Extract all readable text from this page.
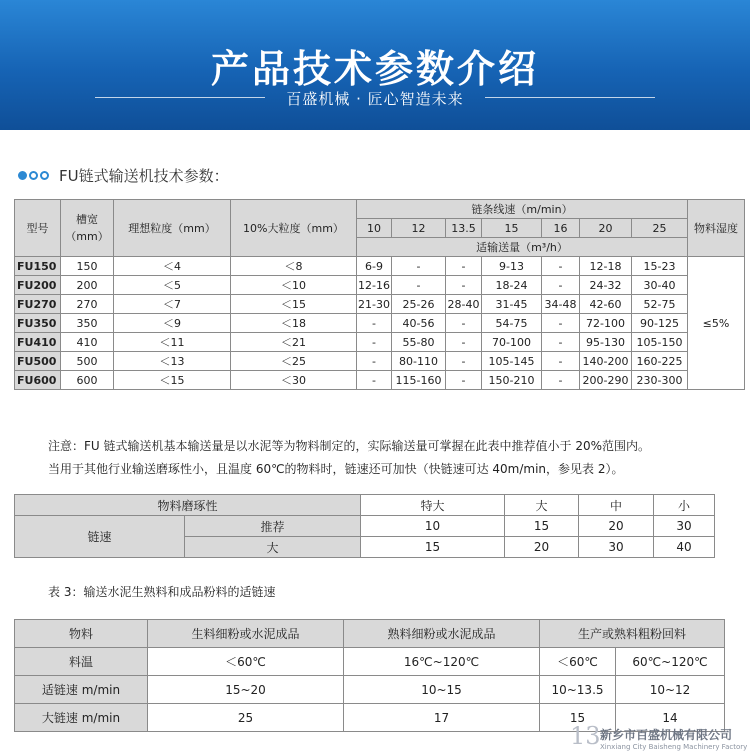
产品技术参数介绍
百盛机械 · 匠心智造未来
FU链式输送机技术参数：
型号	槽宽（mm）	理想粒度（mm）	10%大粒度（mm）	链条线速（m/min）							物料湿度
				10	12	13.5	15	16	20	25	
				适输送量（m³/h）							
FU150	150	＜4	＜8	6-9	-	-	9-13	-	12-18	15-23	≤5%
FU200	200	＜5	＜10	12-16	-	-	18-24	-	24-32	30-40	
FU270	270	＜7	＜15	21-30	25-26	28-40	31-45	34-48	42-60	52-75	
FU350	350	＜9	＜18	-	40-56	-	54-75	-	72-100	90-125	
FU410	410	＜11	＜21	-	55-80	-	70-100	-	95-130	105-150	
FU500	500	＜13	＜25	-	80-110	-	105-145	-	140-200	160-225	
FU600	600	＜15	＜30	-	115-160	-	150-210	-	200-290	230-300	
注意：FU 链式输送机基本输送量是以水泥等为物料制定的，实际输送量可掌握在此表中推荐值小于 20%范围内。
当用于其他行业输送磨琢性小，且温度 60℃的物料时，链速还可加快（快链速可达 40m/min，参见表 2）。
物料磨琢性		特大	大	中	小
链速	推荐	10	15	20	30
	大	15	20	30	40
表 3：输送水泥生熟料和成品粉料的适链速
物料	生料细粉或水泥成品	熟料细粉或水泥成品	生产或熟料粗粉回料	
料温	＜60℃	16℃~120℃	＜60℃	60℃~120℃
适链速 m/min	15~20	10~15	10~13.5	10~12
大链速 m/min	25	17	15	14
13 新乡市百盛机械有限公司
Xinxiang City Baisheng Machinery Factory
